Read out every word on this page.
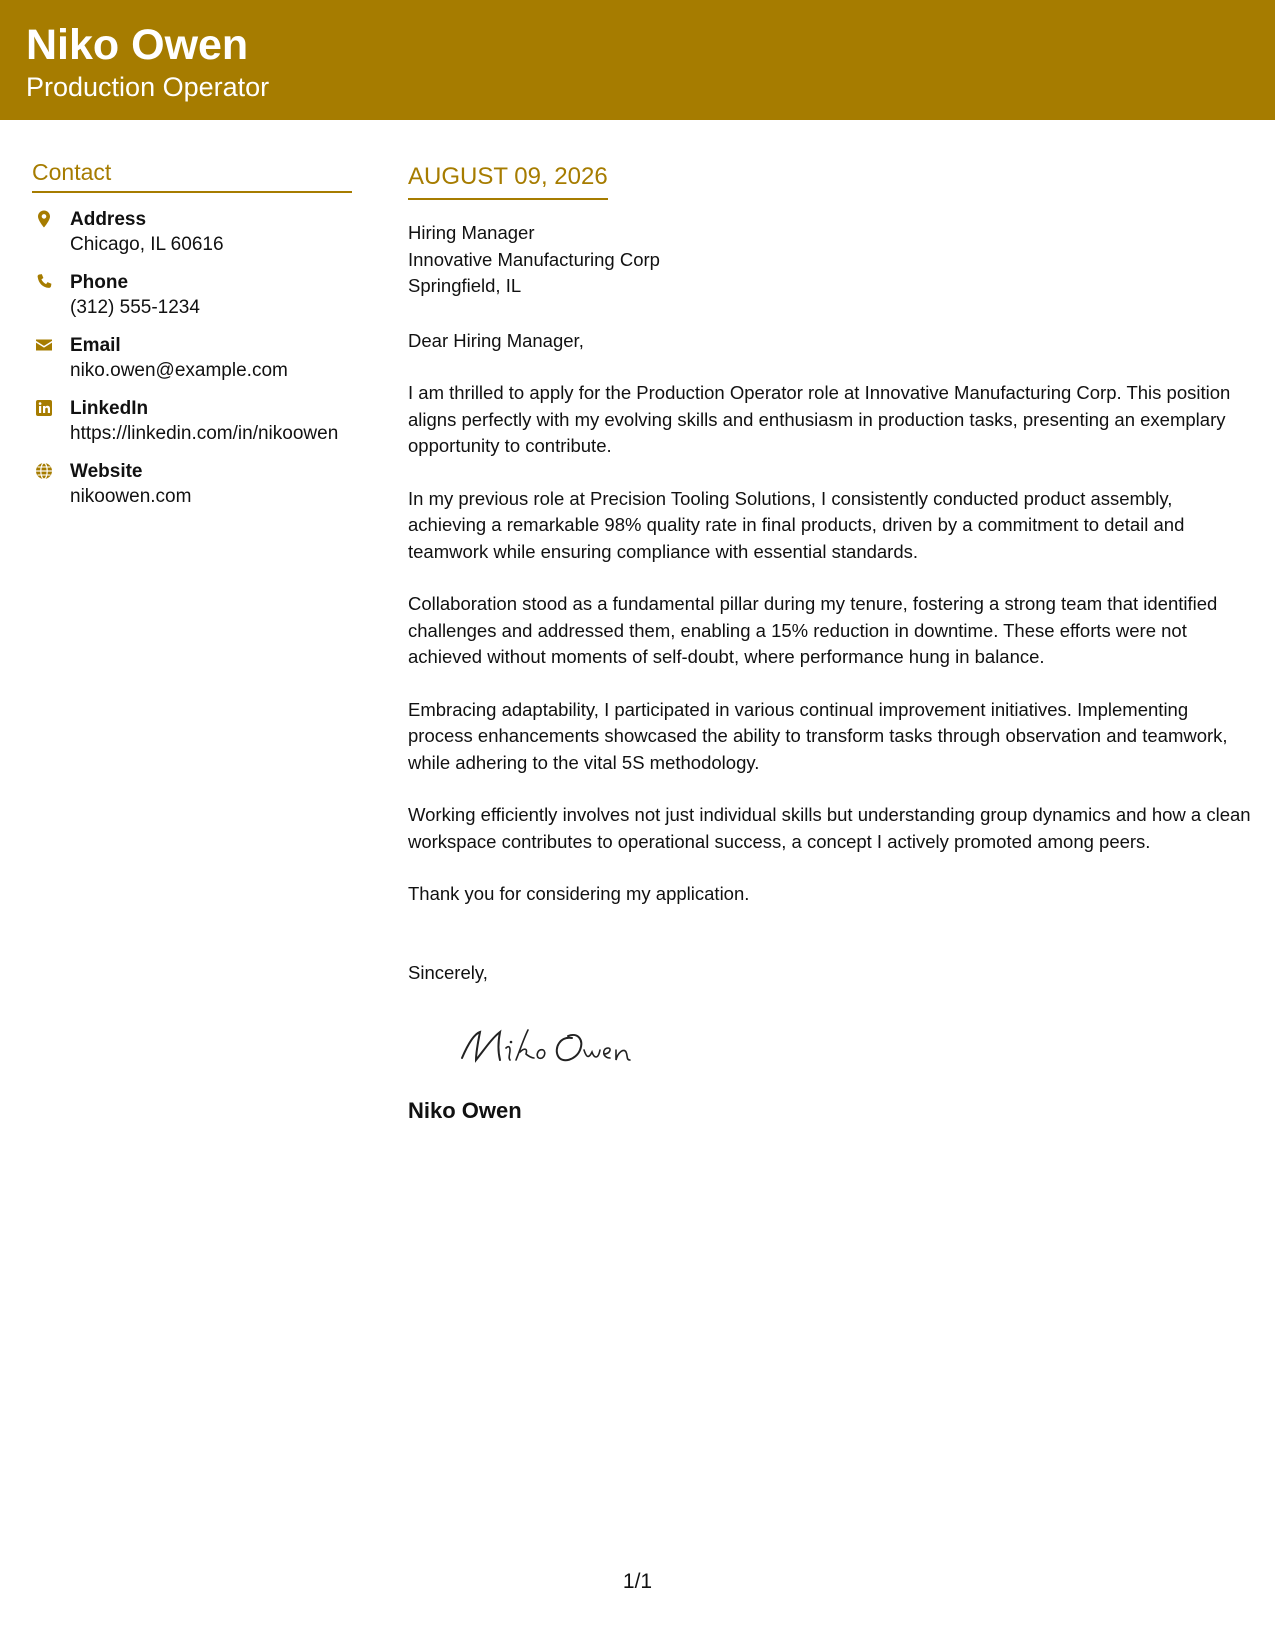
Niko Owen
Production Operator
Contact
Address
Chicago, IL 60616
Phone
(312) 555-1234
Email
niko.owen@example.com
LinkedIn
https://linkedin.com/in/nikoowen
Website
nikoowen.com
AUGUST 09, 2026
Hiring Manager
Innovative Manufacturing Corp
Springfield, IL
Dear Hiring Manager,
I am thrilled to apply for the Production Operator role at Innovative Manufacturing Corp. This position aligns perfectly with my evolving skills and enthusiasm in production tasks, presenting an exemplary opportunity to contribute.
In my previous role at Precision Tooling Solutions, I consistently conducted product assembly, achieving a remarkable 98% quality rate in final products, driven by a commitment to detail and teamwork while ensuring compliance with essential standards.
Collaboration stood as a fundamental pillar during my tenure, fostering a strong team that identified challenges and addressed them, enabling a 15% reduction in downtime. These efforts were not achieved without moments of self-doubt, where performance hung in balance.
Embracing adaptability, I participated in various continual improvement initiatives. Implementing process enhancements showcased the ability to transform tasks through observation and teamwork, while adhering to the vital 5S methodology.
Working efficiently involves not just individual skills but understanding group dynamics and how a clean workspace contributes to operational success, a concept I actively promoted among peers.
Thank you for considering my application.
Sincerely,
Niko Owen
1/1
